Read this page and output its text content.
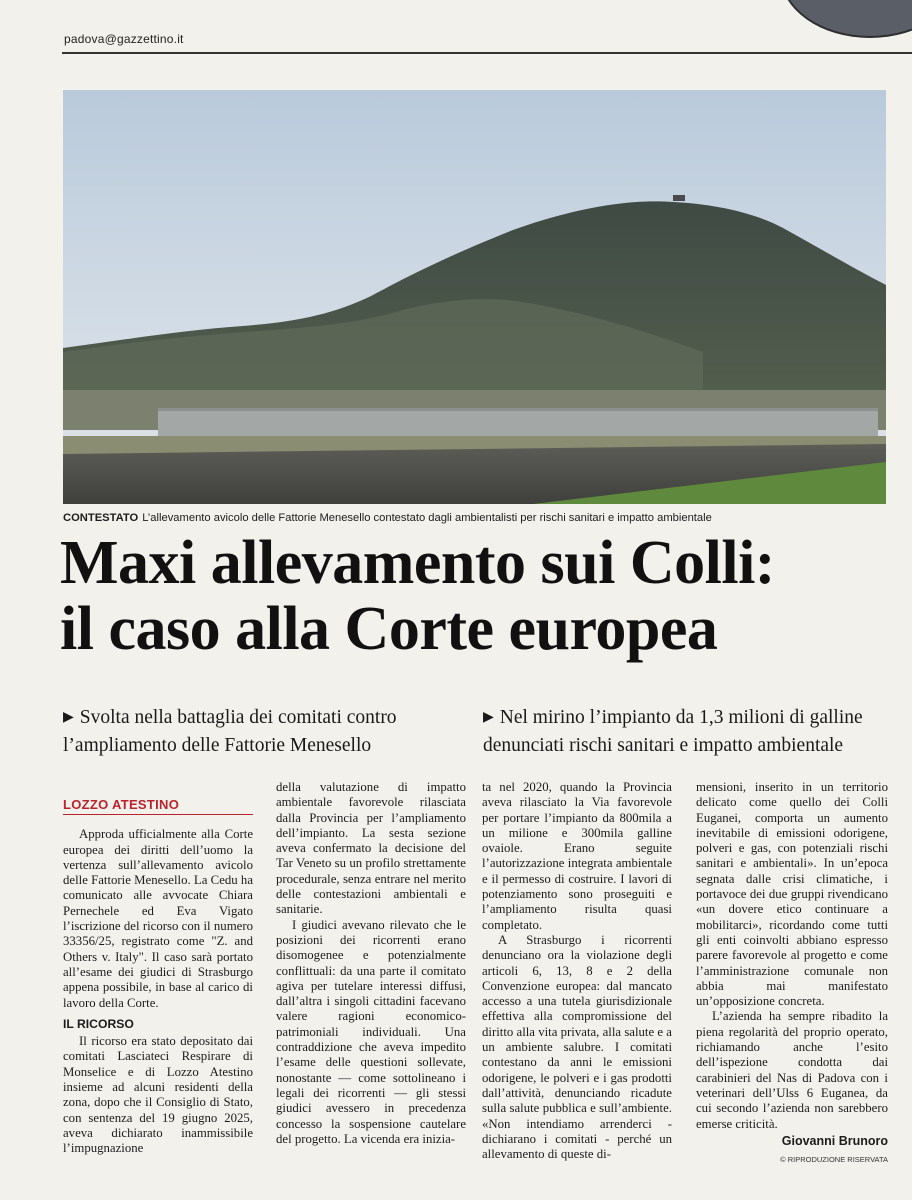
padova@gazzettino.it
CONTESTATO L’allevamento avicolo delle Fattorie Menesello contestato dagli ambientalisti per rischi sanitari e impatto ambientale
Maxi allevamento sui Colli:
il caso alla Corte europea
▶ Svolta nella battaglia dei comitati contro
l’ampliamento delle Fattorie Menesello
▶ Nel mirino l’impianto da 1,3 milioni di galline
denunciati rischi sanitari e impatto ambientale
LOZZO ATESTINO

Approda ufficialmente alla Corte europea dei diritti dell’uomo la vertenza sull’allevamento avicolo delle Fattorie Menesello. La Cedu ha comunicato alle avvocate Chiara Pernechele ed Eva Vigato l’iscrizione del ricorso con il numero 33356/25, registrato come "Z. and Others v. Italy". Il caso sarà portato all’esame dei giudici di Strasburgo appena possibile, in base al carico di lavoro della Corte.

IL RICORSO

Il ricorso era stato depositato dai comitati Lasciateci Respirare di Monselice e di Lozzo Atestino insieme ad alcuni residenti della zona, dopo che il Consiglio di Stato, con sentenza del 19 giugno 2025, aveva dichiarato inammissibile l’impugnazione

della valutazione di impatto ambientale favorevole rilasciata dalla Provincia per l’ampliamento dell’impianto. La sesta sezione aveva confermato la decisione del Tar Veneto su un profilo strettamente procedurale, senza entrare nel merito delle contestazioni ambientali e sanitarie.

I giudici avevano rilevato che le posizioni dei ricorrenti erano disomogenee e potenzialmente conflittuali: da una parte il comitato agiva per tutelare interessi diffusi, dall’altra i singoli cittadini facevano valere ragioni economico-patrimoniali individuali. Una contraddizione che aveva impedito l’esame delle questioni sollevate, nonostante — come sottolineano i legali dei ricorrenti — gli stessi giudici avessero in precedenza concesso la sospensione cautelare del progetto. La vicenda era inizia-

ta nel 2020, quando la Provincia aveva rilasciato la Via favorevole per portare l’impianto da 800mila a un milione e 300mila galline ovaiole. Erano seguite l’autorizzazione integrata ambientale e il permesso di costruire. I lavori di potenziamento sono proseguiti e l’ampliamento risulta quasi completato.

A Strasburgo i ricorrenti denunciano ora la violazione degli articoli 6, 13, 8 e 2 della Convenzione europea: dal mancato accesso a una tutela giurisdizionale effettiva alla compromissione del diritto alla vita privata, alla salute e a un ambiente salubre. I comitati contestano da anni le emissioni odorigene, le polveri e i gas prodotti dall’attività, denunciando ricadute sulla salute pubblica e sull’ambiente. «Non intendiamo arrenderci - dichiarano i comitati - perché un allevamento di queste di-

mensioni, inserito in un territorio delicato come quello dei Colli Euganei, comporta un aumento inevitabile di emissioni odorigene, polveri e gas, con potenziali rischi sanitari e ambientali». In un’epoca segnata dalle crisi climatiche, i portavoce dei due gruppi rivendicano «un dovere etico continuare a mobilitarci», ricordando come tutti gli enti coinvolti abbiano espresso parere favorevole al progetto e come l’amministrazione comunale non abbia mai manifestato un’opposizione concreta.

L’azienda ha sempre ribadito la piena regolarità del proprio operato, richiamando anche l’esito dell’ispezione condotta dai carabinieri del Nas di Padova con i veterinari dell’Ulss 6 Euganea, da cui secondo l’azienda non sarebbero emerse criticità.

Giovanni Brunoro
© RIPRODUZIONE RISERVATA
